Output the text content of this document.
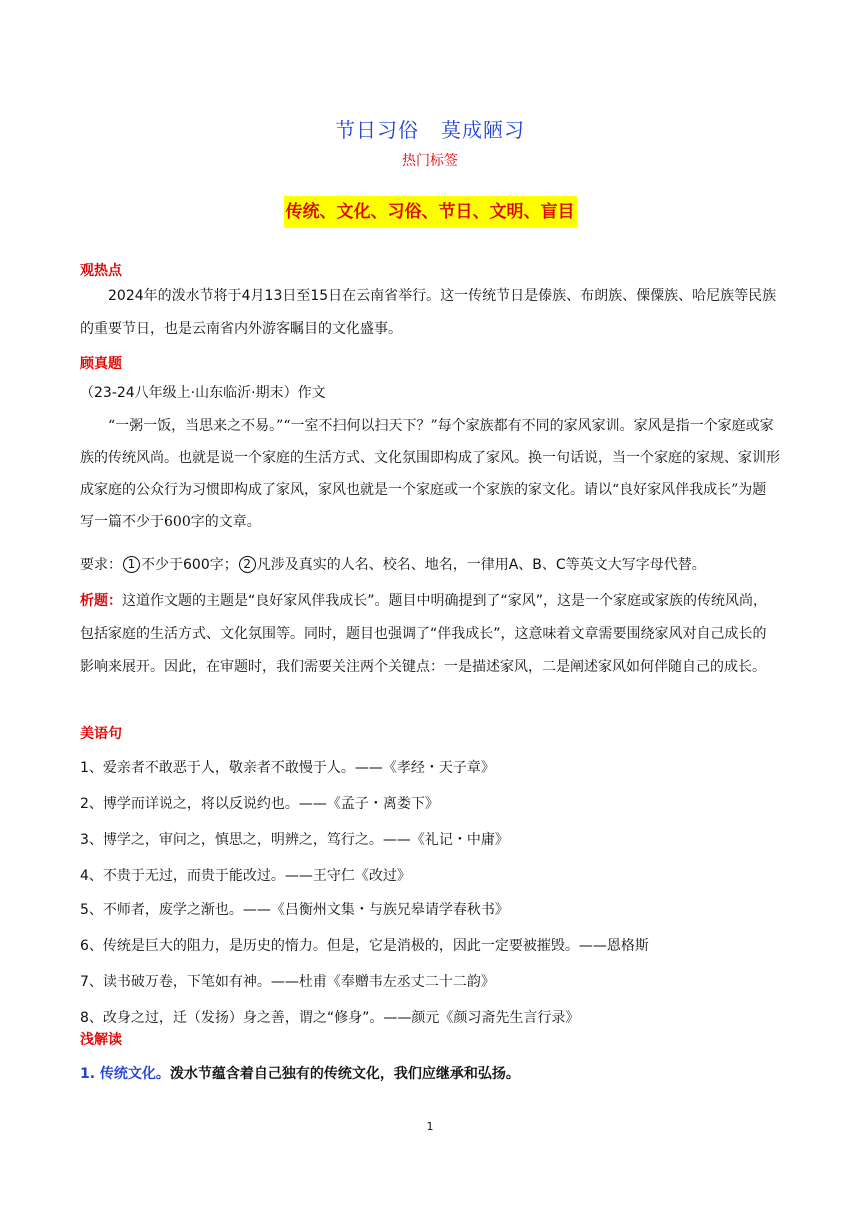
节日习俗 莫成陋习
热门标签
传统、文化、习俗、节日、文明、盲目
观热点
2024年的泼水节将于4月13日至15日在云南省举行。这一传统节日是傣族、布朗族、傈僳族、哈尼族等民族的重要节日，也是云南省内外游客瞩目的文化盛事。
顾真题
（23-24八年级上·山东临沂·期末）作文
“一粥一饭，当思来之不易。”“一室不扫何以扫天下？”每个家族都有不同的家风家训。家风是指一个家庭或家族的传统风尚。也就是说一个家庭的生活方式、文化氛围即构成了家风。换一句话说，当一个家庭的家规、家训形成家庭的公众行为习惯即构成了家风，家风也就是一个家庭或一个家族的家文化。请以“良好家风伴我成长”为题写一篇不少于600字的文章。
要求： 1 不少于600字； 2 凡涉及真实的人名、校名、地名，一律用A、B、C等英文大写字母代替。
析题：这道作文题的主题是“良好家风伴我成长”。题目中明确提到了“家风”，这是一个家庭或家族的传统风尚，包括家庭的生活方式、文化氛围等。同时，题目也强调了“伴我成长”，这意味着文章需要围绕家风对自己成长的影响来展开。因此，在审题时，我们需要关注两个关键点：一是描述家风，二是阐述家风如何伴随自己的成长。
美语句
1、爱亲者不敢恶于人，敬亲者不敢慢于人。——《孝经・天子章》
2、博学而详说之，将以反说约也。——《孟子・离娄下》
3、博学之，审问之，慎思之，明辨之，笃行之。——《礼记・中庸》
4、不贵于无过，而贵于能改过。——王守仁《改过》
5、不师者，废学之渐也。——《吕衡州文集・与族兄皋请学春秋书》
6、传统是巨大的阻力，是历史的惰力。但是，它是消极的，因此一定要被摧毁。——恩格斯
7、读书破万卷，下笔如有神。——杜甫《奉赠韦左丞丈二十二韵》
8、改身之过，迁（发扬）身之善，谓之“修身”。——颜元《颜习斋先生言行录》
浅解读
1. 传统文化。泼水节蕴含着自己独有的传统文化，我们应继承和弘扬。
1
